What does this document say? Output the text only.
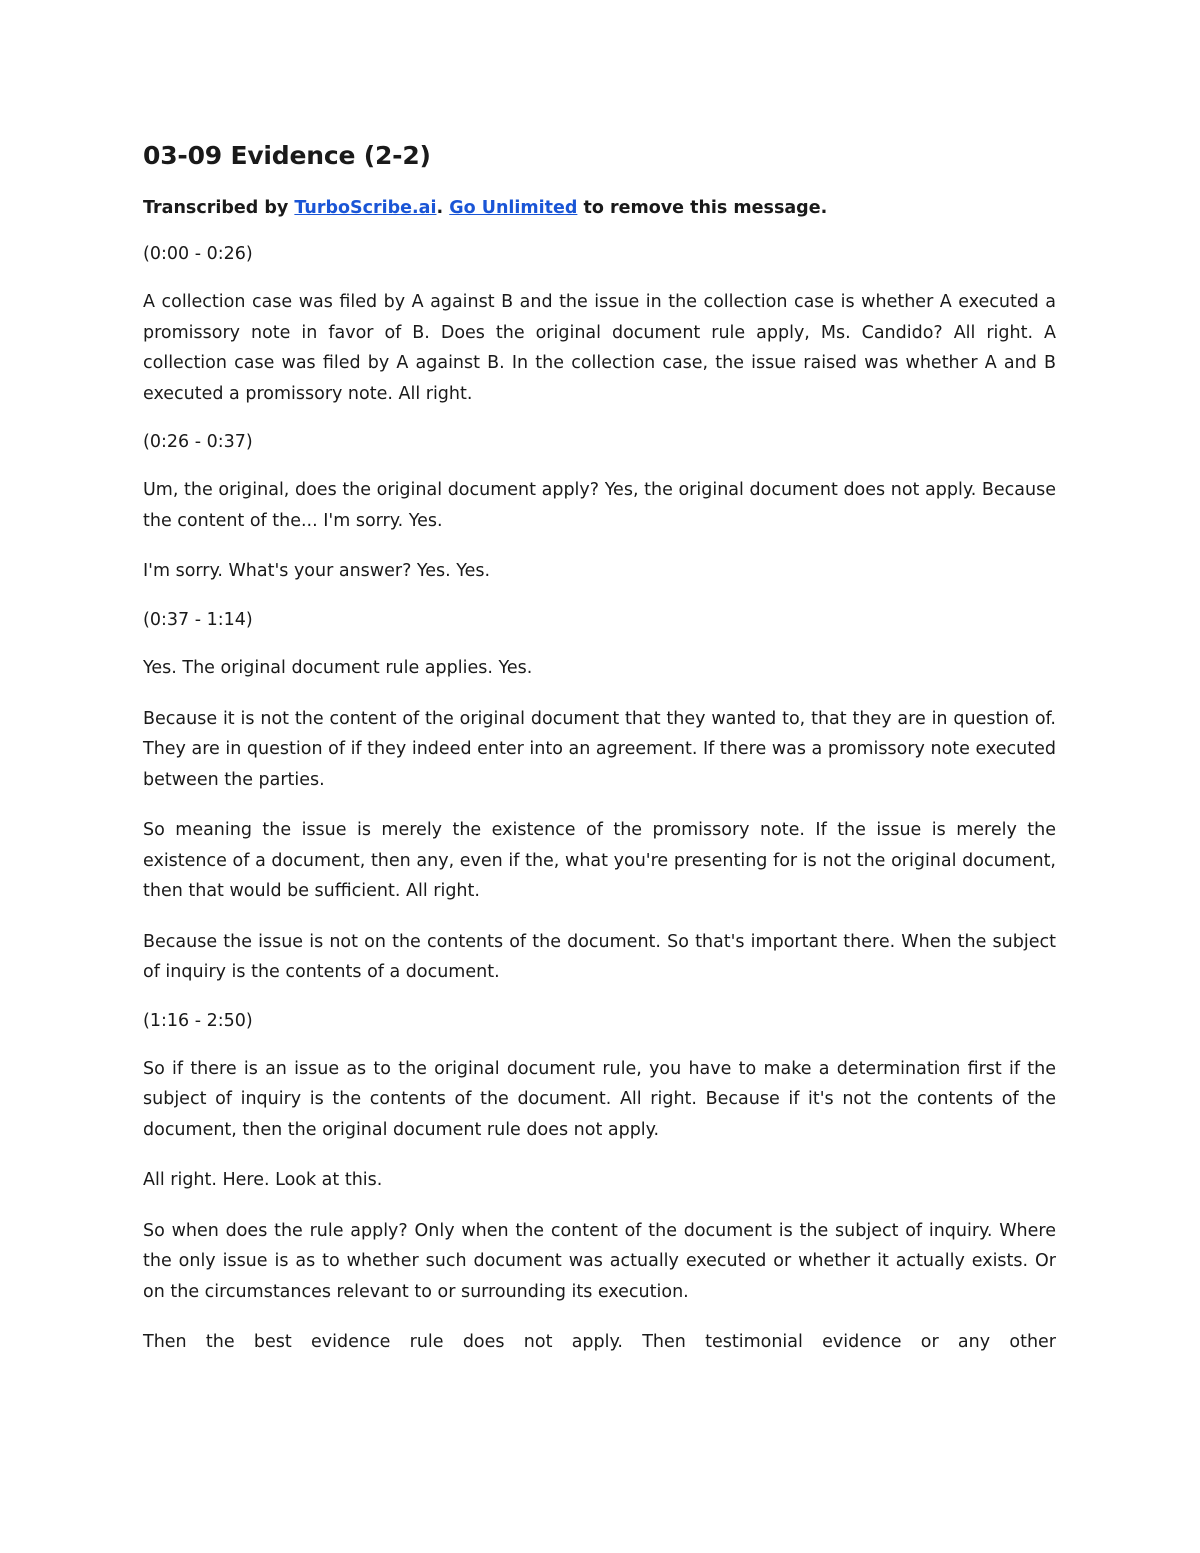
03-09 Evidence (2-2)

Transcribed by TurboScribe.ai. Go Unlimited to remove this message.

(0:00 - 0:26)

A collection case was filed by A against B and the issue in the collection case is whether A executed a promissory note in favor of B. Does the original document rule apply, Ms. Candido? All right. A collection case was filed by A against B. In the collection case, the issue raised was whether A and B executed a promissory note. All right.

(0:26 - 0:37)

Um, the original, does the original document apply? Yes, the original document does not apply. Because the content of the... I'm sorry. Yes.

I'm sorry. What's your answer? Yes. Yes.

(0:37 - 1:14)

Yes. The original document rule applies. Yes.

Because it is not the content of the original document that they wanted to, that they are in question of. They are in question of if they indeed enter into an agreement. If there was a promissory note executed between the parties.

So meaning the issue is merely the existence of the promissory note. If the issue is merely the existence of a document, then any, even if the, what you're presenting for is not the original document, then that would be sufficient. All right.

Because the issue is not on the contents of the document. So that's important there. When the subject of inquiry is the contents of a document.

(1:16 - 2:50)

So if there is an issue as to the original document rule, you have to make a determination first if the subject of inquiry is the contents of the document. All right. Because if it's not the contents of the document, then the original document rule does not apply.

All right. Here. Look at this.

So when does the rule apply? Only when the content of the document is the subject of inquiry. Where the only issue is as to whether such document was actually executed or whether it actually exists. Or on the circumstances relevant to or surrounding its execution.

Then the best evidence rule does not apply. Then testimonial evidence or any other
